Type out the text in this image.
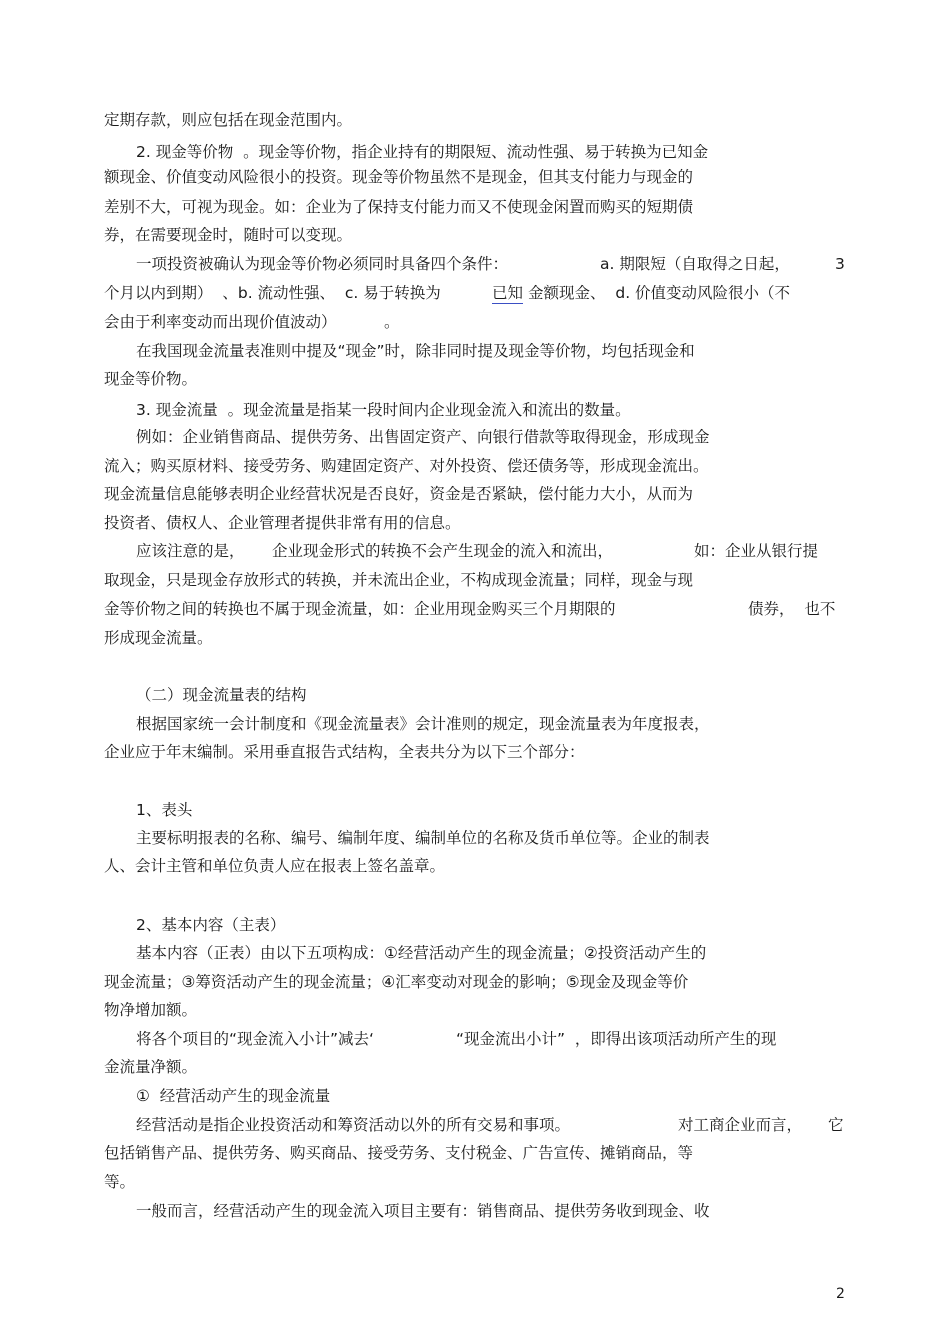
定期存款，则应包括在现金范围内。
2. 现金等价物  。现金等价物，指企业持有的期限短、流动性强、易于转换为已知金
额现金、价值变动风险很小的投资。现金等价物虽然不是现金，但其支付能力与现金的
差别不大，可视为现金。如：企业为了保持支付能力而又不使现金闲置而购买的短期债
券，在需要现金时，随时可以变现。
一项投资被确认为现金等价物必须同时具备四个条件：	a. 期限短（自取得之日起，	3
个月以内到期）  、b. 流动性强、  c. 易于转换为	已知 金额现金、  d. 价值变动风险很小（不
会由于利率变动而出现价值波动）	。
在我国现金流量表准则中提及“现金”时，除非同时提及现金等价物，均包括现金和
现金等价物。
3. 现金流量  。现金流量是指某一段时间内企业现金流入和流出的数量。
例如：企业销售商品、提供劳务、出售固定资产、向银行借款等取得现金，形成现金
流入；购买原材料、接受劳务、购建固定资产、对外投资、偿还债务等，形成现金流出。
现金流量信息能够表明企业经营状况是否良好，资金是否紧缺，偿付能力大小，从而为
投资者、债权人、企业管理者提供非常有用的信息。
应该注意的是， 企业现金形式的转换不会产生现金的流入和流出，	如：企业从银行提
取现金，只是现金存放形式的转换，并未流出企业，不构成现金流量；同样，现金与现
金等价物之间的转换也不属于现金流量，如：企业用现金购买三个月期限的	债券，  也不
形成现金流量。
（二）现金流量表的结构
根据国家统一会计制度和《现金流量表》会计准则的规定，现金流量表为年度报表，
企业应于年末编制。采用垂直报告式结构，全表共分为以下三个部分：
1、表头
主要标明报表的名称、编号、编制年度、编制单位的名称及货币单位等。企业的制表
人、会计主管和单位负责人应在报表上签名盖章。
2、基本内容（主表）
基本内容（正表）由以下五项构成：①经营活动产生的现金流量；②投资活动产生的
现金流量；③筹资活动产生的现金流量；④汇率变动对现金的影响；⑤现金及现金等价
物净增加额。
将各个项目的“现金流入小计”减去‘	“现金流出小计”  ，即得出该项活动所产生的现
金流量净额。
①  经营活动产生的现金流量
经营活动是指企业投资活动和筹资活动以外的所有交易和事项。	对工商企业而言， 它
包括销售产品、提供劳务、购买商品、接受劳务、支付税金、广告宣传、摊销商品，等
等。
一般而言，经营活动产生的现金流入项目主要有：销售商品、提供劳务收到现金、收
2
